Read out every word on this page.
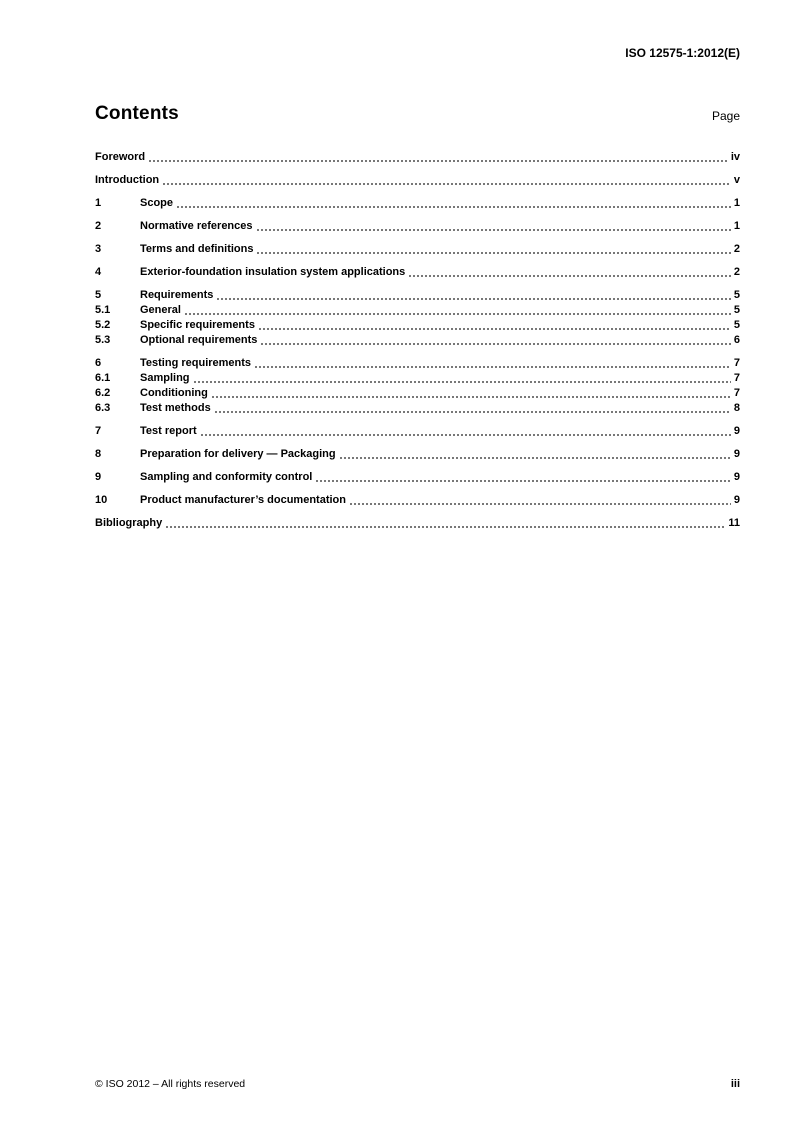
ISO 12575-1:2012(E)
Contents	Page
Foreword	iv
Introduction	v
1	Scope	1
2	Normative references	1
3	Terms and definitions	2
4	Exterior-foundation insulation system applications	2
5	Requirements	5
5.1	General	5
5.2	Specific requirements	5
5.3	Optional requirements	6
6	Testing requirements	7
6.1	Sampling	7
6.2	Conditioning	7
6.3	Test methods	8
7	Test report	9
8	Preparation for delivery — Packaging	9
9	Sampling and conformity control	9
10	Product manufacturer’s documentation	9
Bibliography	11
© ISO 2012 – All rights reserved	iii
